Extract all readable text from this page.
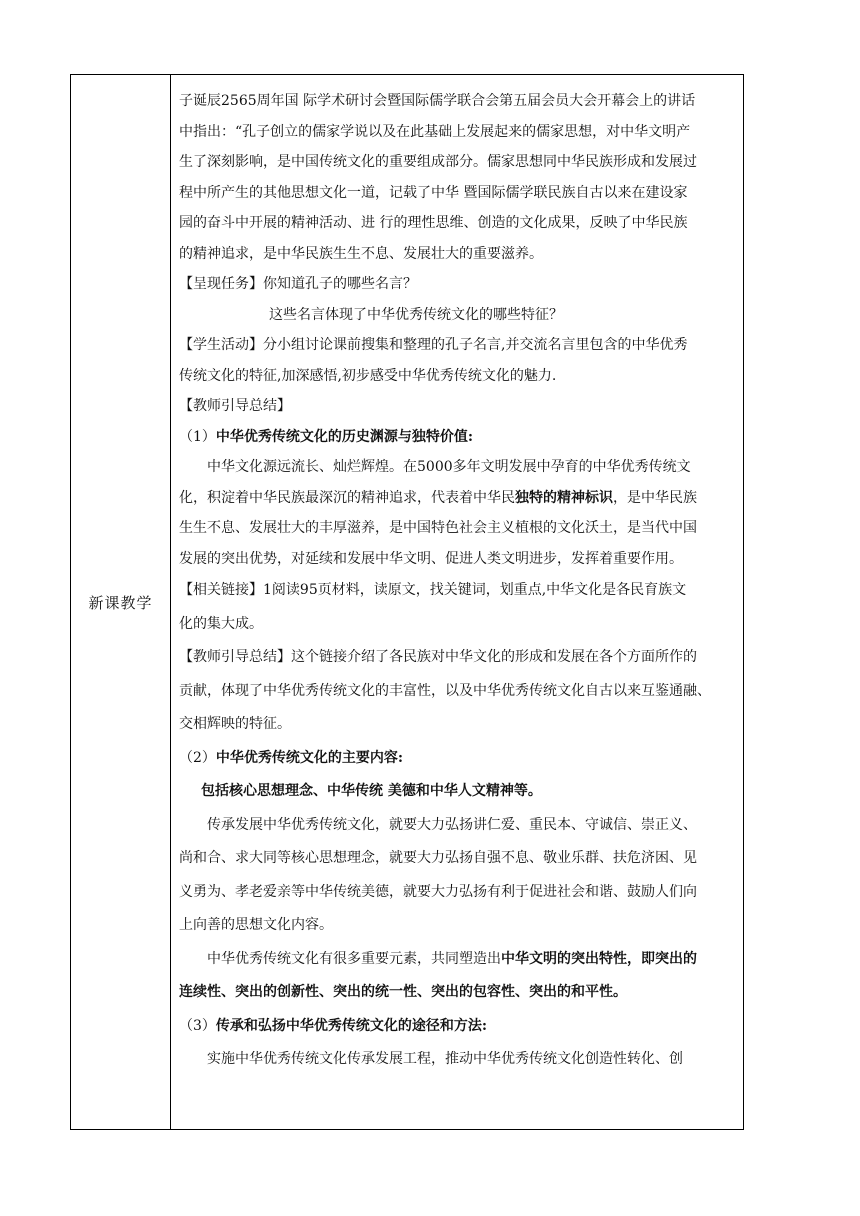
新课教学
子诞辰2565周年国 际学术研讨会暨国际儒学联合会第五届会员大会开幕会上的讲话
中指出：“孔子创立的儒家学说以及在此基础上发展起来的儒家思想，对中华文明产
生了深刻影响，是中国传统文化的重要组成部分。儒家思想同中华民族形成和发展过
程中所产生的其他思想文化一道，记载了中华 暨国际儒学联民族自古以来在建设家
园的奋斗中开展的精神活动、进 行的理性思维、创造的文化成果，反映了中华民族
的精神追求，是中华民族生生不息、发展壮大的重要滋养。
【呈现任务】你知道孔子的哪些名言？
这些名言体现了中华优秀传统文化的哪些特征？
【学生活动】分小组讨论课前搜集和整理的孔子名言,并交流名言里包含的中华优秀
传统文化的特征,加深感悟,初步感受中华优秀传统文化的魅力.
【教师引导总结】
（1）中华优秀传统文化的历史渊源与独特价值:
中华文化源远流长、灿烂辉煌。在5000多年文明发展中孕育的中华优秀传统文
化，积淀着中华民族最深沉的精神追求，代表着中华民独特的精神标识，是中华民族
生生不息、发展壮大的丰厚滋养，是中国特色社会主义植根的文化沃土，是当代中国
发展的突出优势，对延续和发展中华文明、促进人类文明进步，发挥着重要作用。
【相关链接】1阅读95页材料，读原文，找关键词，划重点,中华文化是各民育族文
化的集大成。
【教师引导总结】这个链接介绍了各民族对中华文化的形成和发展在各个方面所作的
贡献，体现了中华优秀传统文化的丰富性，以及中华优秀传统文化自古以来互鉴通融、
交相辉映的特征。
（2）中华优秀传统文化的主要内容:
包括核心思想理念、中华传统 美德和中华人文精神等。
传承发展中华优秀传统文化，就要大力弘扬讲仁爱、重民本、守诚信、崇正义、
尚和合、求大同等核心思想理念，就要大力弘扬自强不息、敬业乐群、扶危济困、见
义勇为、孝老爱亲等中华传统美德，就要大力弘扬有利于促进社会和谐、鼓励人们向
上向善的思想文化内容。
中华优秀传统文化有很多重要元素，共同塑造出中华文明的突出特性，即突出的
连续性、突出的创新性、突出的统一性、突出的包容性、突出的和平性。
（3）传承和弘扬中华优秀传统文化的途径和方法:
实施中华优秀传统文化传承发展工程，推动中华优秀传统文化创造性转化、创
